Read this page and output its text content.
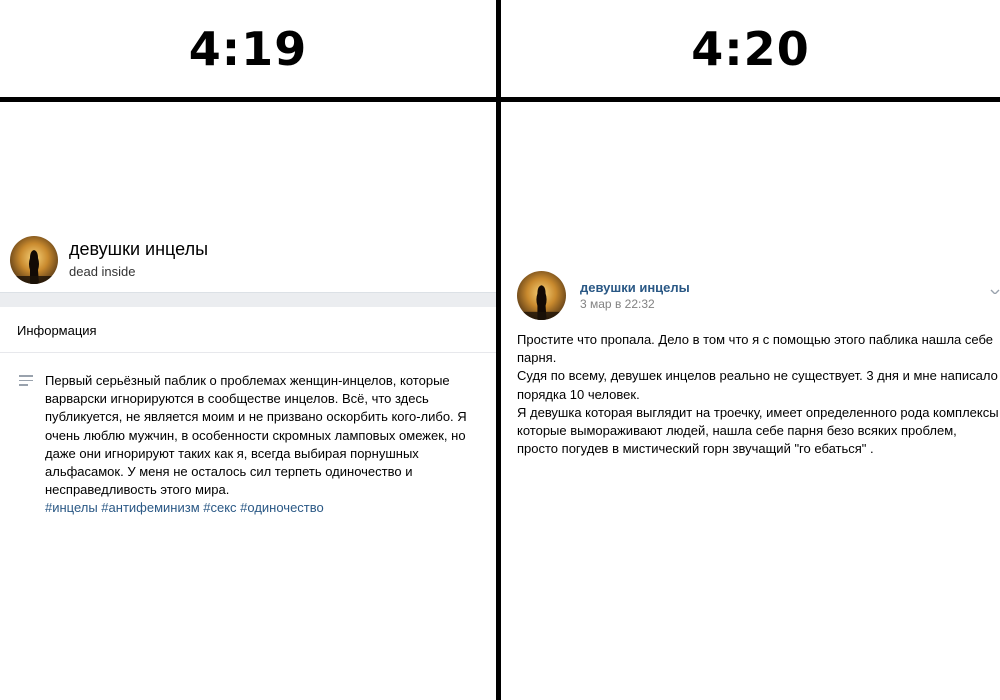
4:19	4:20
девушки инцелы
dead inside
Информация
Первый серьёзный паблик о проблемах женщин-инцелов, которые варварски игнорируются в сообществе инцелов. Всё, что здесь публикуется, не является моим и не призвано оскорбить кого-либо. Я очень люблю мужчин, в особенности скромных ламповых омежек, но даже они игнорируют таких как я, всегда выбирая порнушных альфасамок. У меня не осталось сил терпеть одиночество и несправедливость этого мира.
#инцелы #антифеминизм #секс #одиночество
девушки инцелы
3 мар в 22:32

Простите что пропала. Дело в том что я с помощью этого паблика нашла себе парня.

Судя по всему, девушек инцелов реально не существует. 3 дня и мне написало порядка 10 человек.

Я девушка которая выглядит на троечку, имеет определенного рода комплексы которые вымораживают людей, нашла себе парня безо всяких проблем, просто погудев в мистический горн звучащий "го ебаться" .
